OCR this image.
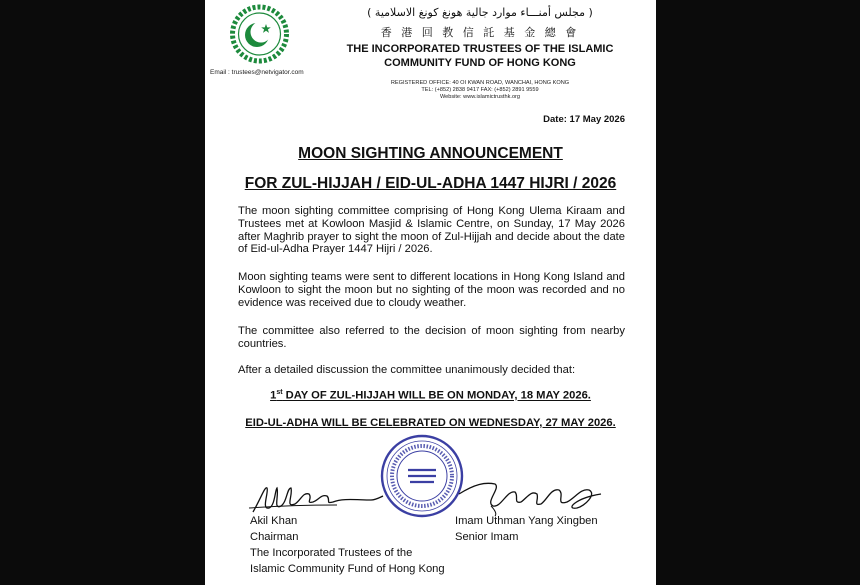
( مجلس أمنـــاء موارد جالية هونغ كونغ الاسلامية )
香 港 回 教 信 託 基 金 總 會
THE INCORPORATED TRUSTEES OF THE ISLAMIC
COMMUNITY FUND OF HONG KONG
Email : trustees@netvigator.com
REGISTERED OFFICE: 40 OI KWAN ROAD, WANCHAI, HONG KONG
TEL: (+852) 2838 9417 FAX: (+852) 2891 9559
Website: www.islamictrusthk.org
Date: 17 May 2026
MOON SIGHTING ANNOUNCEMENT
FOR ZUL-HIJJAH / EID-UL-ADHA 1447 HIJRI / 2026

The moon sighting committee comprising of Hong Kong Ulema Kiraam and Trustees met at Kowloon Masjid & Islamic Centre, on Sunday, 17 May 2026 after Maghrib prayer to sight the moon of Zul-Hijjah and decide about the date of Eid-ul-Adha Prayer 1447 Hijri / 2026.

Moon sighting teams were sent to different locations in Hong Kong Island and Kowloon to sight the moon but no sighting of the moon was recorded and no evidence was received due to cloudy weather.

The committee also referred to the decision of moon sighting from nearby countries.

After a detailed discussion the committee unanimously decided that:

1st DAY OF ZUL-HIJJAH WILL BE ON MONDAY, 18 MAY 2026.
EID-UL-ADHA WILL BE CELEBRATED ON WEDNESDAY, 27 MAY 2026.
Akil Khan
Chairman
The Incorporated Trustees of the
Islamic Community Fund of Hong Kong
Imam Uthman Yang Xingben
Senior Imam
